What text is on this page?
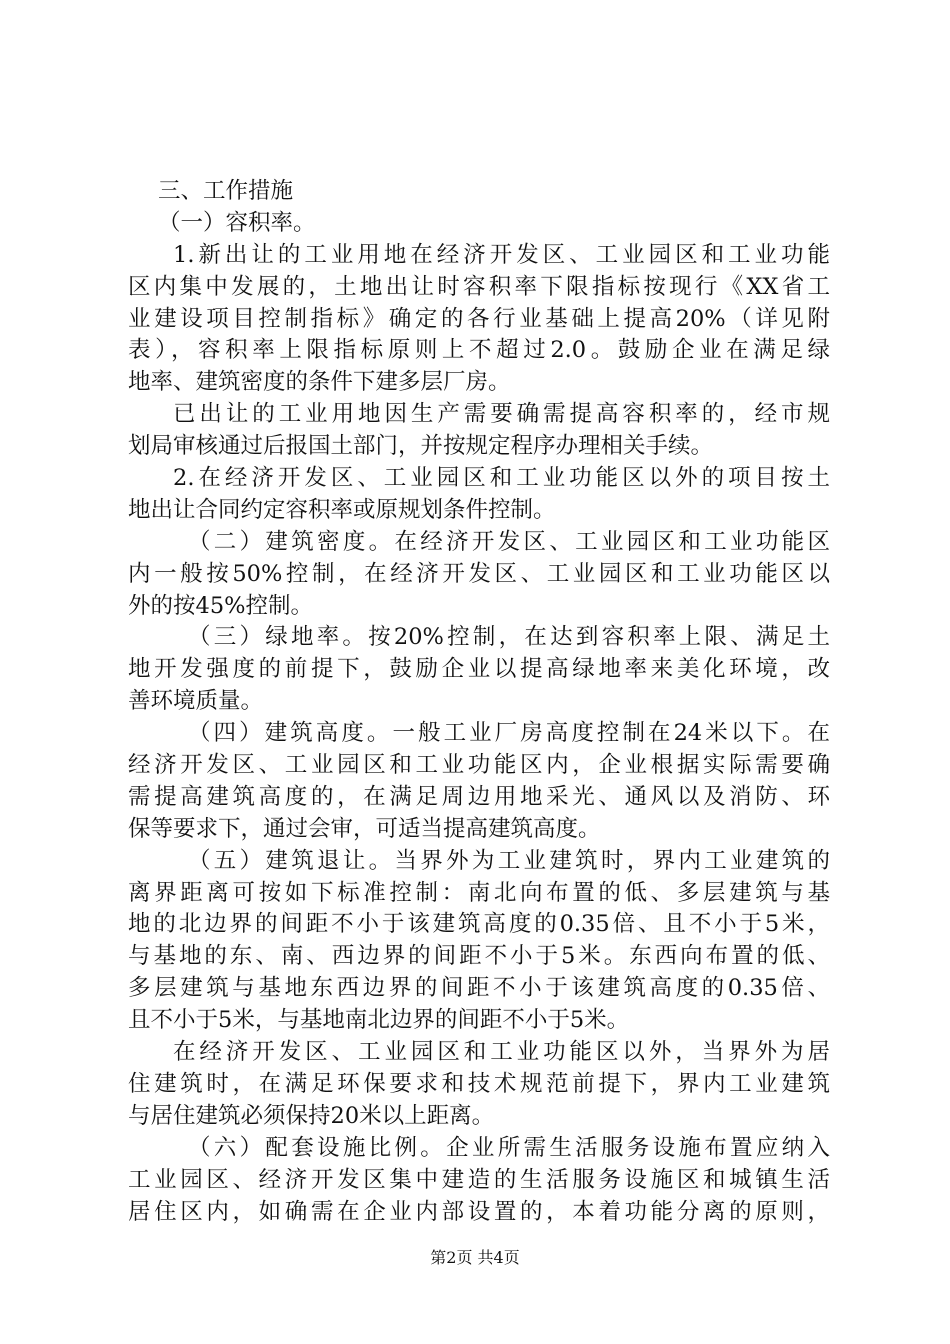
三、工作措施
（一）容积率。
1.新出让的工业用地在经济开发区、工业园区和工业功能
区内集中发展的，土地出让时容积率下限指标按现行《XX省工
业建设项目控制指标》确定的各行业基础上提高20%（详见附
表），容积率上限指标原则上不超过2.0。鼓励企业在满足绿
地率、建筑密度的条件下建多层厂房。
已出让的工业用地因生产需要确需提高容积率的，经市规
划局审核通过后报国土部门，并按规定程序办理相关手续。
2.在经济开发区、工业园区和工业功能区以外的项目按土
地出让合同约定容积率或原规划条件控制。
（二）建筑密度。在经济开发区、工业园区和工业功能区
内一般按50%控制，在经济开发区、工业园区和工业功能区以
外的按45%控制。
（三）绿地率。按20%控制，在达到容积率上限、满足土
地开发强度的前提下，鼓励企业以提高绿地率来美化环境，改
善环境质量。
（四）建筑高度。一般工业厂房高度控制在24米以下。在
经济开发区、工业园区和工业功能区内，企业根据实际需要确
需提高建筑高度的，在满足周边用地采光、通风以及消防、环
保等要求下，通过会审，可适当提高建筑高度。
（五）建筑退让。当界外为工业建筑时，界内工业建筑的
离界距离可按如下标准控制：南北向布置的低、多层建筑与基
地的北边界的间距不小于该建筑高度的0.35倍、且不小于5米，
与基地的东、南、西边界的间距不小于5米。东西向布置的低、
多层建筑与基地东西边界的间距不小于该建筑高度的0.35倍、
且不小于5米，与基地南北边界的间距不小于5米。
在经济开发区、工业园区和工业功能区以外，当界外为居
住建筑时，在满足环保要求和技术规范前提下，界内工业建筑
与居住建筑必须保持20米以上距离。
（六）配套设施比例。企业所需生活服务设施布置应纳入
工业园区、经济开发区集中建造的生活服务设施区和城镇生活
居住区内，如确需在企业内部设置的，本着功能分离的原则，
第2页 共4页
